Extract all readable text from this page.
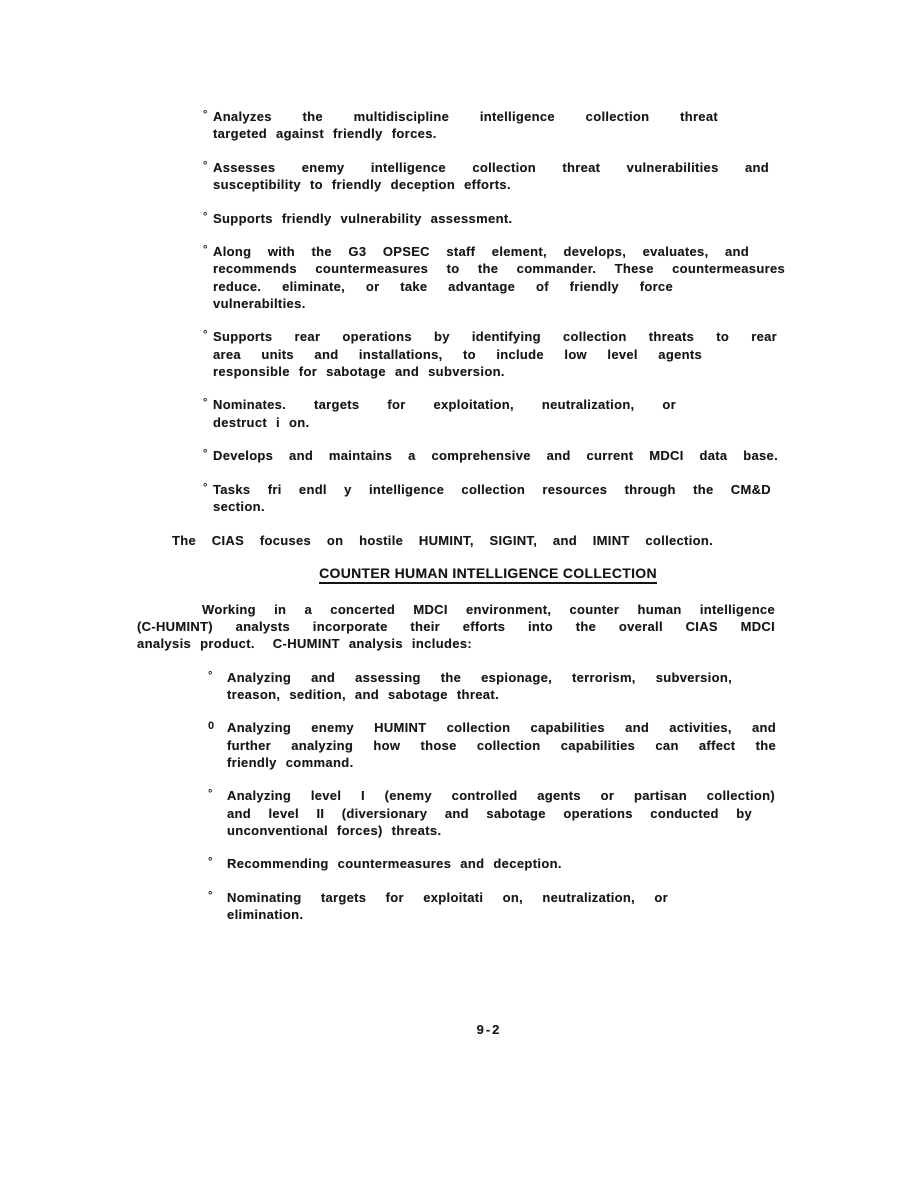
° Analyzes the multidiscipline intelligence collection threat
targeted against friendly forces.
° Assesses enemy intelligence collection threat vulnerabilities and
susceptibility to friendly deception efforts.
° Supports friendly vulnerability assessment.
° Along with the G3 OPSEC staff element, develops, evaluates, and
recommends countermeasures to the commander. These countermeasures
reduce. eliminate, or take advantage of friendly force
vulnerabilties.
° Supports rear operations by identifying collection threats to rear
area units and installations, to include low level agents
responsible for sabotage and subversion.
° Nominates. targets for exploitation, neutralization, or
destruct i on.
° Develops and maintains a comprehensive and current MDCI data base.
° Tasks fri endl y intelligence collection resources through the CM&D
section.
The CIAS focuses on hostile HUMINT, SIGINT, and IMINT collection.
COUNTER HUMAN INTELLIGENCE COLLECTION
Working in a concerted MDCI environment, counter human intelligence
(C-HUMINT) analysts incorporate their efforts into the overall CIAS MDCI
analysis product.  C-HUMINT analysis includes:
° Analyzing and assessing the espionage, terrorism, subversion,
treason, sedition, and sabotage threat.
0 Analyzing enemy HUMINT collection capabilities and activities, and
further analyzing how those collection capabilities can affect the
friendly command.
° Analyzing level I (enemy controlled agents or partisan collection)
and level II (diversionary and sabotage operations conducted by
unconventional forces) threats.
° Recommending countermeasures and deception.
° Nominating targets for exploitati on, neutralization, or
elimination.
9-2
